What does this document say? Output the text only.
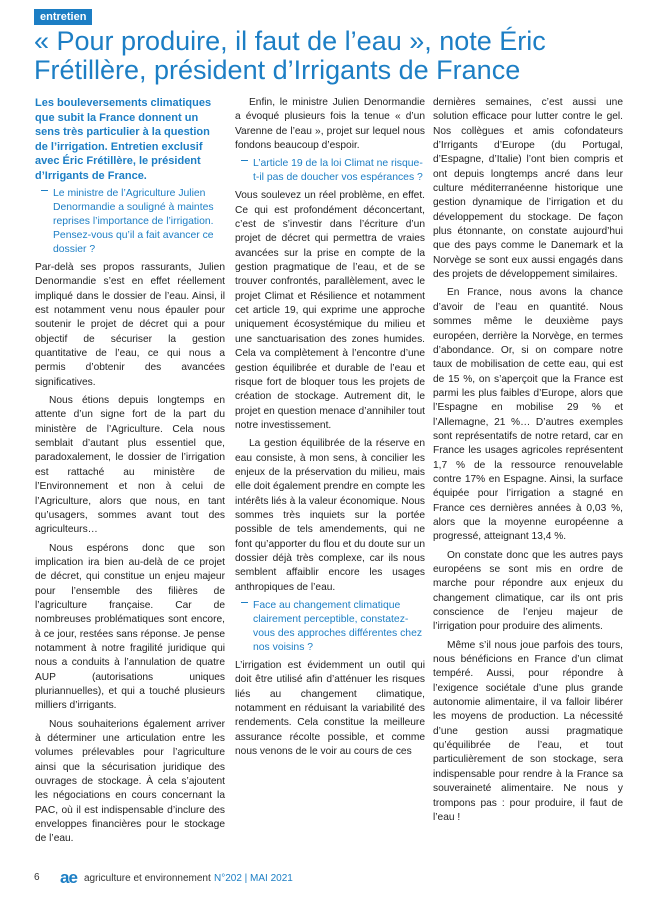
entretien
« Pour produire, il faut de l’eau », note Éric Frétillère, président d’Irrigants de France

Les bouleversements climatiques que subit la France donnent un sens très particulier à la question de l’irrigation. Entretien exclusif avec Éric Frétillère, le président d’Irrigants de France.

Le ministre de l’Agriculture Julien Denormandie a souligné à maintes reprises l’importance de l’irrigation. Pensez-vous qu’il a fait avancer ce dossier ?

Par-delà ses propos rassurants, Julien Denormandie s’est en effet réellement impliqué dans le dossier de l’eau. Ainsi, il est notamment venu nous épauler pour soutenir le projet de décret qui a pour objectif de sécuriser la gestion quantitative de l’eau, ce qui nous a permis d’obtenir des avancées significatives.

Nous étions depuis longtemps en attente d’un signe fort de la part du ministère de l’Agriculture. Cela nous semblait d’autant plus essentiel que, paradoxalement, le dossier de l’irrigation est rattaché au ministère de l’Environnement et non à celui de l’Agriculture, alors que nous, en tant qu’usagers, sommes avant tout des agriculteurs…

Nous espérons donc que son implication ira bien au-delà de ce projet de décret, qui constitue un enjeu majeur pour l’ensemble des filières de l’agriculture française. Car de nombreuses problématiques sont encore, à ce jour, restées sans réponse. Je pense notamment à notre fragilité juridique qui nous a conduits à l’annulation de quatre AUP (autorisations uniques pluriannuelles), et qui a touché plusieurs milliers d’irrigants.

Nous souhaiterions également arriver à déterminer une articulation entre les volumes prélevables pour l’agriculture ainsi que la sécurisation juridique des ouvrages de stockage. À cela s’ajoutent les négociations en cours concernant la PAC, où il est indispensable d’inclure des enveloppes financières pour le stockage de l’eau.

Enfin, le ministre Julien Denormandie a évoqué plusieurs fois la tenue « d’un Varenne de l’eau », projet sur lequel nous fondons beaucoup d’espoir.

L’article 19 de la loi Climat ne risque-t-il pas de doucher vos espérances ?

Vous soulevez un réel problème, en effet. Ce qui est profondément déconcertant, c’est de s’investir dans l’écriture d’un projet de décret qui permettra de vraies avancées sur la prise en compte de la gestion pragmatique de l’eau, et de se trouver confrontés, parallèlement, avec le projet Climat et Résilience et notamment cet article 19, qui exprime une approche uniquement écosystémique du milieu et une sanctuarisation des zones humides. Cela va complètement à l’encontre d’une gestion équilibrée et durable de l’eau et risque fort de bloquer tous les projets de création de stockage. Autrement dit, le projet en question menace d’annihiler tout notre investissement.

La gestion équilibrée de la réserve en eau consiste, à mon sens, à concilier les enjeux de la préservation du milieu, mais elle doit également prendre en compte les intérêts liés à la valeur économique. Nous sommes très inquiets sur la portée possible de tels amendements, qui ne font qu’apporter du flou et du doute sur un dossier déjà très complexe, car ils nous semblent affaiblir encore les usages anthropiques de l’eau.

Face au changement climatique clairement perceptible, constatez-vous des approches différentes chez nos voisins ?

L’irrigation est évidemment un outil qui doit être utilisé afin d’atténuer les risques liés au changement climatique, notamment en réduisant la variabilité des rendements. Cela constitue la meilleure assurance récolte possible, et comme nous venons de le voir au cours de ces

dernières semaines, c’est aussi une solution efficace pour lutter contre le gel. Nos collègues et amis cofondateurs d’Irrigants d’Europe (du Portugal, d’Espagne, d’Italie) l’ont bien compris et ont depuis longtemps ancré dans leur culture méditerranéenne historique une gestion dynamique de l’irrigation et du développement du stockage. De façon plus étonnante, on constate aujourd’hui que des pays comme le Danemark et la Norvège se sont eux aussi engagés dans des projets de développement similaires.

En France, nous avons la chance d’avoir de l’eau en quantité. Nous sommes même le deuxième pays européen, derrière la Norvège, en termes d’abondance. Or, si on compare notre taux de mobilisation de cette eau, qui est de 15 %, on s’aperçoit que la France est parmi les plus faibles d’Europe, alors que l’Espagne en mobilise 29 % et l’Allemagne, 21 %… D’autres exemples sont représentatifs de notre retard, car en France les usages agricoles représentent 1,7 % de la ressource renouvelable contre 17% en Espagne. Ainsi, la surface équipée pour l’irrigation a stagné en France ces dernières années à 0,03 %, alors que la moyenne européenne a progressé, atteignant 13,4 %.

On constate donc que les autres pays européens se sont mis en ordre de marche pour répondre aux enjeux du changement climatique, car ils ont pris conscience de l’enjeu majeur de l’irrigation pour produire des aliments.

Même s’il nous joue parfois des tours, nous bénéficions en France d’un climat tempéré. Aussi, pour répondre à l’exigence sociétale d’une plus grande autonomie alimentaire, il va falloir libérer les moyens de production. La nécessité d’une gestion aussi pragmatique qu’équilibrée de l’eau, et tout particulièrement de son stockage, sera indispensable pour rendre à la France sa souveraineté alimentaire. Ne nous y trompons pas : pour produire, il faut de l’eau !

6 ae agriculture et environnement N°202 | MAI 2021
